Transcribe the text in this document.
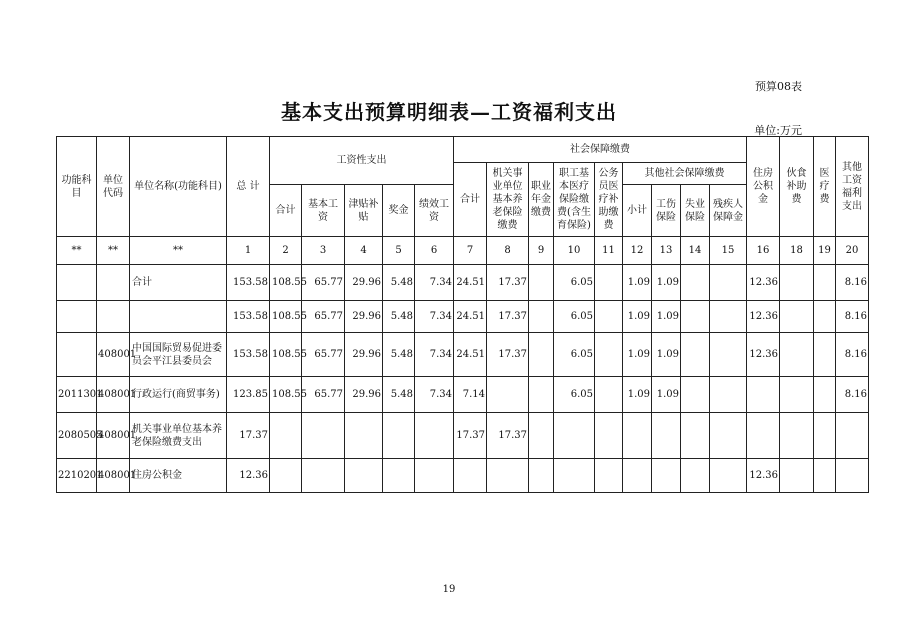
预算08表
基本支出预算明细表—工资福利支出
单位:万元
功能科目	单位代码	单位名称(功能科目)	总 计	工资性支出					社会保障缴费									住房公积金	伙食补助费	医疗费	其他工资福利支出
									合计	机关事业单位基本养老保险缴费	职业年金缴费	职工基本医疗保险缴费(含生育保险)	公务员医疗补助缴费	其他社会保障缴费							
				合计	基本工资	津贴补贴	奖金	绩效工资						小计	工伤保险	失业保险	残疾人保障金				
**	**	**	1	2	3	4	5	6	7	8	9	10	11	12	13	14	15	16	18	19	20
		合计	153.58	108.55	65.77	29.96	5.48	7.34	24.51	17.37		6.05		1.09	1.09			12.36			8.16
			153.58	108.55	65.77	29.96	5.48	7.34	24.51	17.37		6.05		1.09	1.09			12.36			8.16
	408001	中国国际贸易促进委员会平江县委员会	153.58	108.55	65.77	29.96	5.48	7.34	24.51	17.37		6.05		1.09	1.09			12.36			8.16
2011301	408001	行政运行(商贸事务)	123.85	108.55	65.77	29.96	5.48	7.34	7.14			6.05		1.09	1.09						8.16
2080505	408001	机关事业单位基本养老保险缴费支出	17.37						17.37	17.37											
2210201	408001	住房公积金	12.36															12.36			
19
